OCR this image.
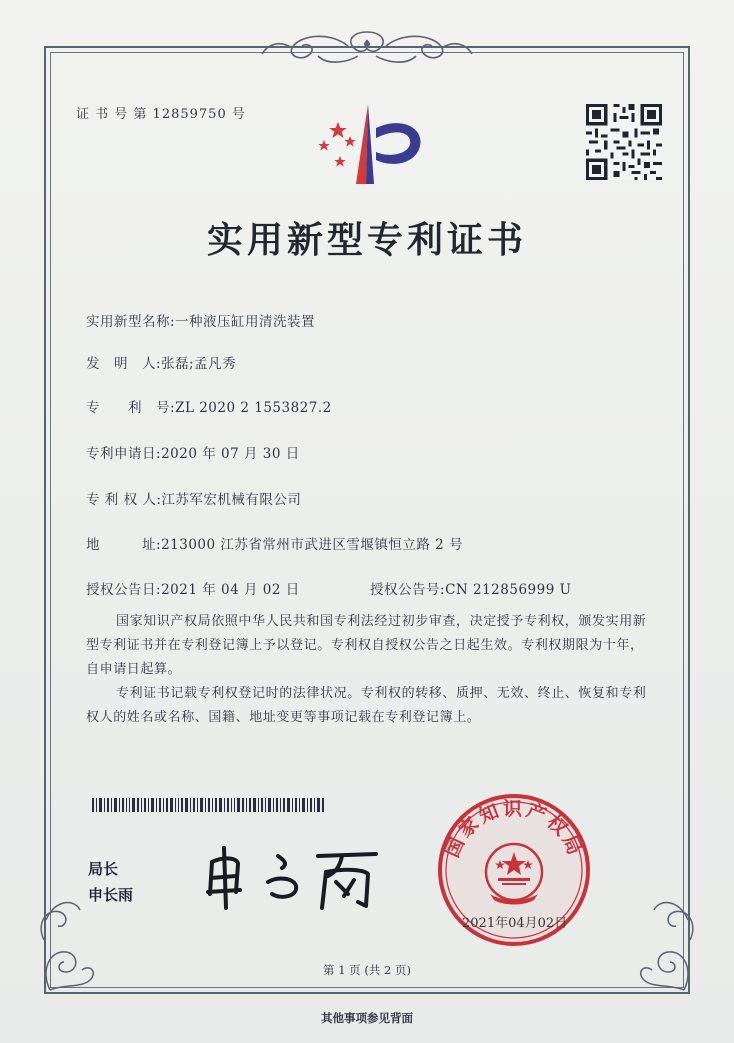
证 书 号 第 12859750 号
实用新型专利证书
实用新型名称:一种液压缸用清洗装置
发　明　人:张磊;孟凡秀
专　　利　号:ZL 2020 2 1553827.2
专利申请日:2020 年 07 月 30 日
专 利 权 人:江苏军宏机械有限公司
地　　　址:213000 江苏省常州市武进区雪堰镇恒立路 2 号
授权公告日:2021 年 04 月 02 日	授权公告号:CN 212856999 U
国家知识产权局依照中华人民共和国专利法经过初步审查，决定授予专利权，颁发实用新型专利证书并在专利登记簿上予以登记。专利权自授权公告之日起生效。专利权期限为十年，自申请日起算。
专利证书记载专利权登记时的法律状况。专利权的转移、质押、无效、终止、恢复和专利权人的姓名或名称、国籍、地址变更等事项记载在专利登记簿上。
局长
申长雨
国家知识产权局
2021年04月02日
第 1 页 (共 2 页)
其他事项参见背面
